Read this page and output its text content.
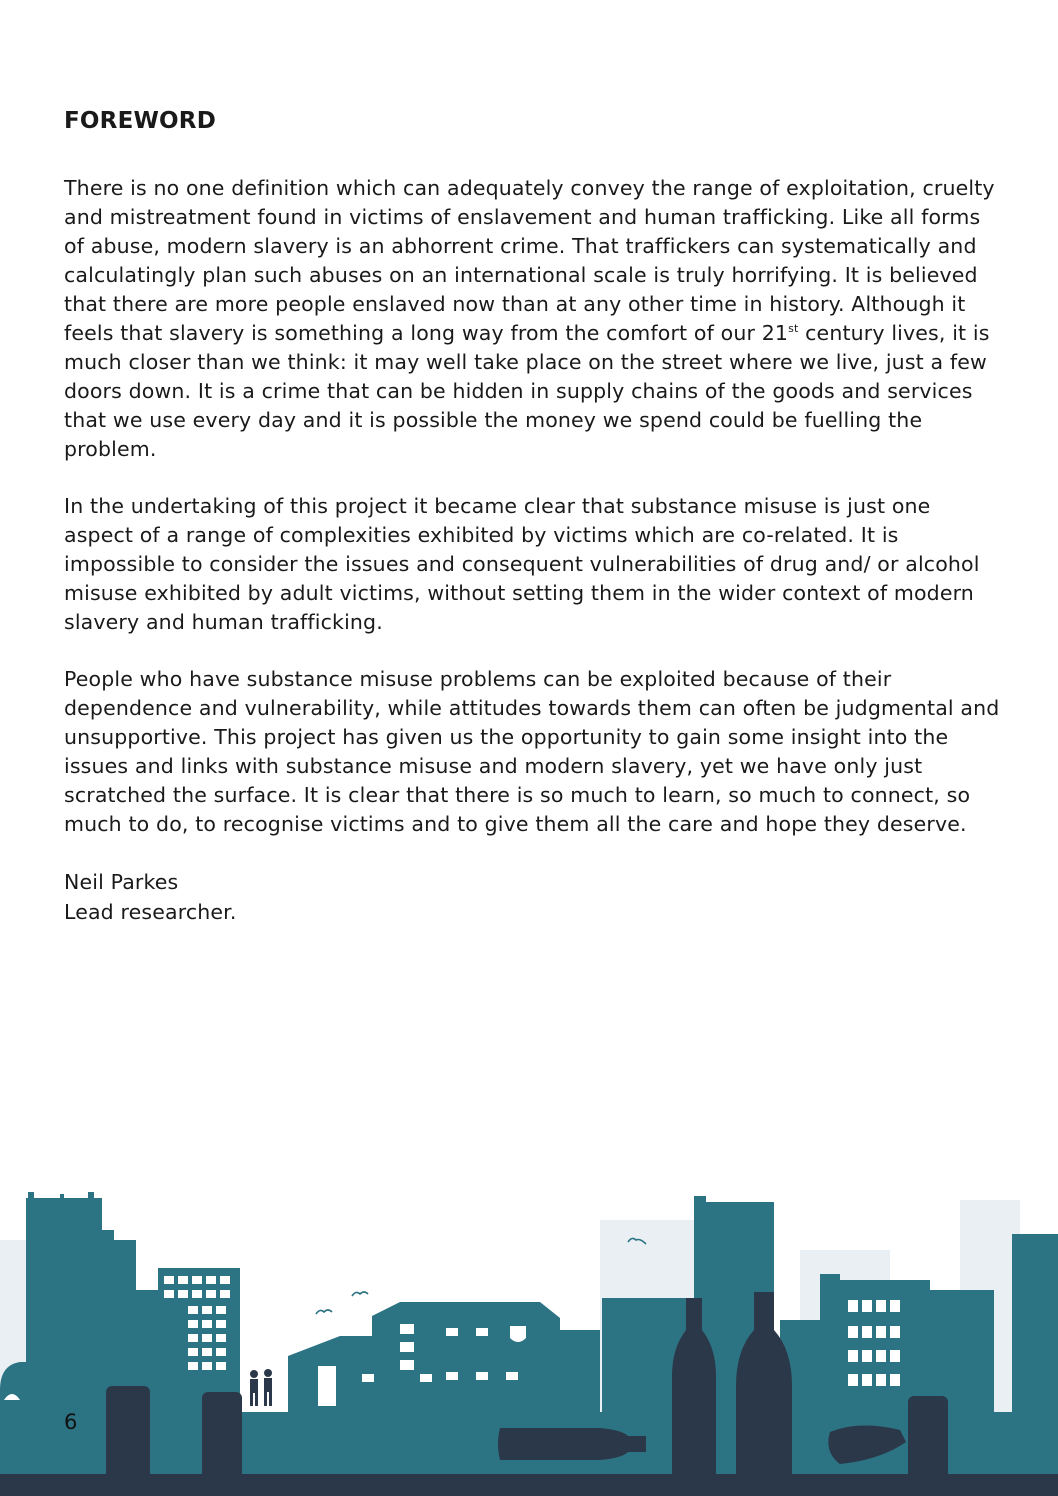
FOREWORD

There is no one definition which can adequately convey the range of exploitation, cruelty and mistreatment found in victims of enslavement and human trafficking. Like all forms of abuse, modern slavery is an abhorrent crime. That traffickers can systematically and calculatingly plan such abuses on an international scale is truly horrifying. It is believed that there are more people enslaved now than at any other time in history. Although it feels that slavery is something a long way from the comfort of our 21st century lives, it is much closer than we think: it may well take place on the street where we live, just a few doors down. It is a crime that can be hidden in supply chains of the goods and services that we use every day and it is possible the money we spend could be fuelling the problem.

In the undertaking of this project it became clear that substance misuse is just one aspect of a range of complexities exhibited by victims which are co-related. It is impossible to consider the issues and consequent vulnerabilities of drug and/ or alcohol misuse exhibited by adult victims, without setting them in the wider context of modern slavery and human trafficking.

People who have substance misuse problems can be exploited because of their dependence and vulnerability, while attitudes towards them can often be judgmental and unsupportive. This project has given us the opportunity to gain some insight into the issues and links with substance misuse and modern slavery, yet we have only just scratched the surface. It is clear that there is so much to learn, so much to connect, so much to do, to recognise victims and to give them all the care and hope they deserve.

Neil Parkes
Lead researcher.
6
